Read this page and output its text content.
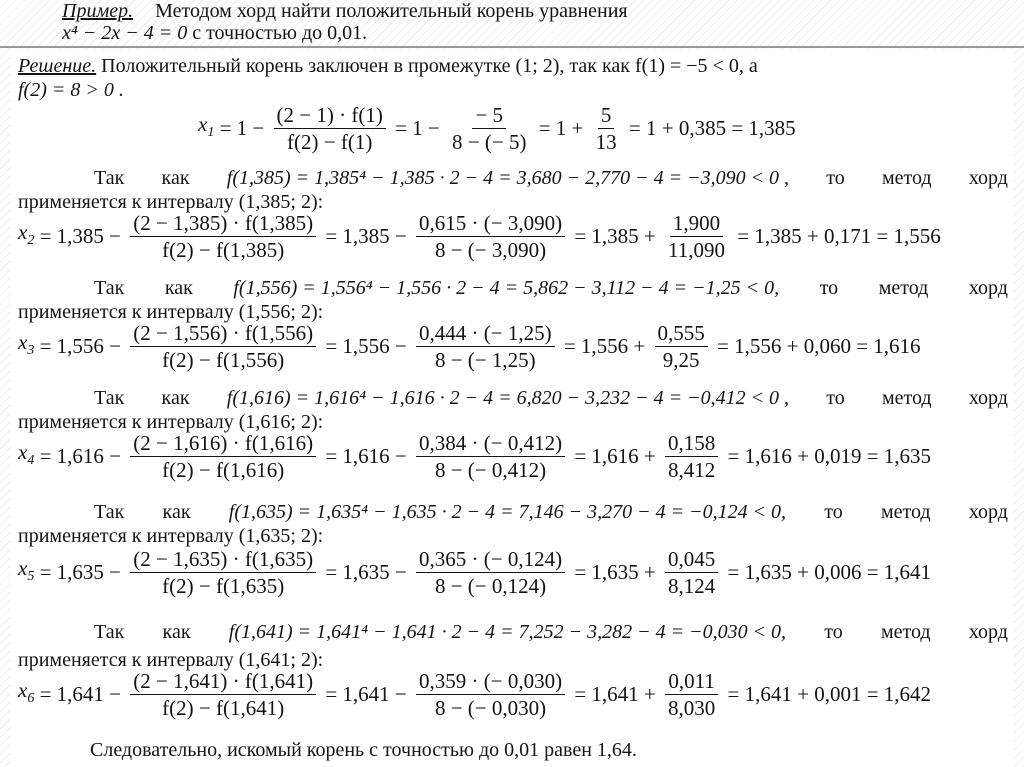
Пример. Методом хорд найти положительный корень уравнения
x⁴ − 2x − 4 = 0 с точностью до 0,01.
Решение. Положительный корень заключен в промежутке (1; 2), так как f(1) = −5 < 0, а
f(2) = 8 > 0 .
$x_1 = 1 - \frac{(2 - 1) \cdot f(1)}{f(2) - f(1)} = 1 - \frac{- 5}{8 - (- 5)} = 1 + \frac{5}{13} = 1 + 0,385 = 1,385$
Так как f(1,385) = 1,385⁴ − 1,385 · 2 − 4 = 3,680 − 2,770 − 4 = −3,090 < 0 , то метод хорд
применяется к интервалу (1,385; 2):
$x_2 = 1,385 - \frac{(2 - 1,385) \cdot f(1,385)}{f(2) - f(1,385)} = 1,385 - \frac{0,615 \cdot (- 3,090)}{8 - (- 3,090)} = 1,385 + \frac{1,900}{11,090} = 1,385 + 0,171 = 1,556$
Так как f(1,556) = 1,556⁴ − 1,556 · 2 − 4 = 5,862 − 3,112 − 4 = −1,25 < 0, то метод хорд
применяется к интервалу (1,556; 2):
$x_3 = 1,556 - \frac{(2 - 1,556) \cdot f(1,556)}{f(2) - f(1,556)} = 1,556 - \frac{0,444 \cdot (- 1,25)}{8 - (- 1,25)} = 1,556 + \frac{0,555}{9,25} = 1,556 + 0,060 = 1,616$
Так как f(1,616) = 1,616⁴ − 1,616 · 2 − 4 = 6,820 − 3,232 − 4 = −0,412 < 0 , то метод хорд
применяется к интервалу (1,616; 2):
$x_4 = 1,616 - \frac{(2 - 1,616) \cdot f(1,616)}{f(2) - f(1,616)} = 1,616 - \frac{0,384 \cdot (- 0,412)}{8 - (- 0,412)} = 1,616 + \frac{0,158}{8,412} = 1,616 + 0,019 = 1,635$
Так как f(1,635) = 1,635⁴ − 1,635 · 2 − 4 = 7,146 − 3,270 − 4 = −0,124 < 0, то метод хорд
применяется к интервалу (1,635; 2):
$x_5 = 1,635 - \frac{(2 - 1,635) \cdot f(1,635)}{f(2) - f(1,635)} = 1,635 - \frac{0,365 \cdot (- 0,124)}{8 - (- 0,124)} = 1,635 + \frac{0,045}{8,124} = 1,635 + 0,006 = 1,641$
Так как f(1,641) = 1,641⁴ − 1,641 · 2 − 4 = 7,252 − 3,282 − 4 = −0,030 < 0, то метод хорд
применяется к интервалу (1,641; 2):
$x_6 = 1,641 - \frac{(2 - 1,641) \cdot f(1,641)}{f(2) - f(1,641)} = 1,641 - \frac{0,359 \cdot (- 0,030)}{8 - (- 0,030)} = 1,641 + \frac{0,011}{8,030} = 1,641 + 0,001 = 1,642$
Следовательно, искомый корень с точностью до 0,01 равен 1,64.
